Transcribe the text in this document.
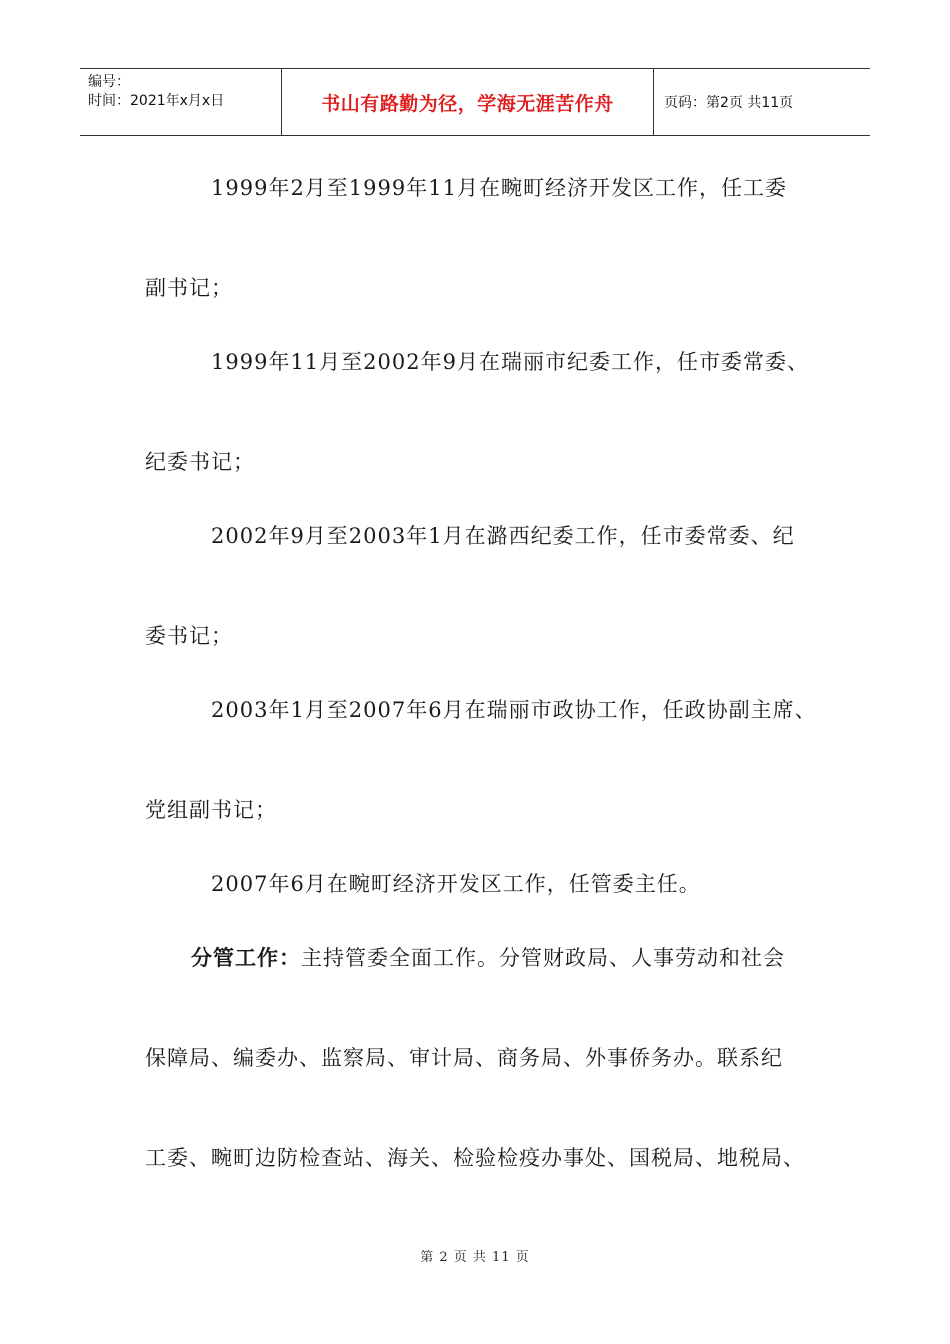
编号：
时间：2021年x月x日	书山有路勤为径，学海无涯苦作舟	页码：第2页 共11页
1999年2月至1999年11月在畹町经济开发区工作，任工委
副书记；
1999年11月至2002年9月在瑞丽市纪委工作，任市委常委、
纪委书记；
2002年9月至2003年1月在潞西纪委工作，任市委常委、纪
委书记；
2003年1月至2007年6月在瑞丽市政协工作，任政协副主席、
党组副书记；
2007年6月在畹町经济开发区工作，任管委主任。
分管工作：主持管委全面工作。分管财政局、人事劳动和社会
保障局、编委办、监察局、审计局、商务局、外事侨务办。联系纪
工委、畹町边防检查站、海关、检验检疫办事处、国税局、地税局、
第 2 页 共 11 页
